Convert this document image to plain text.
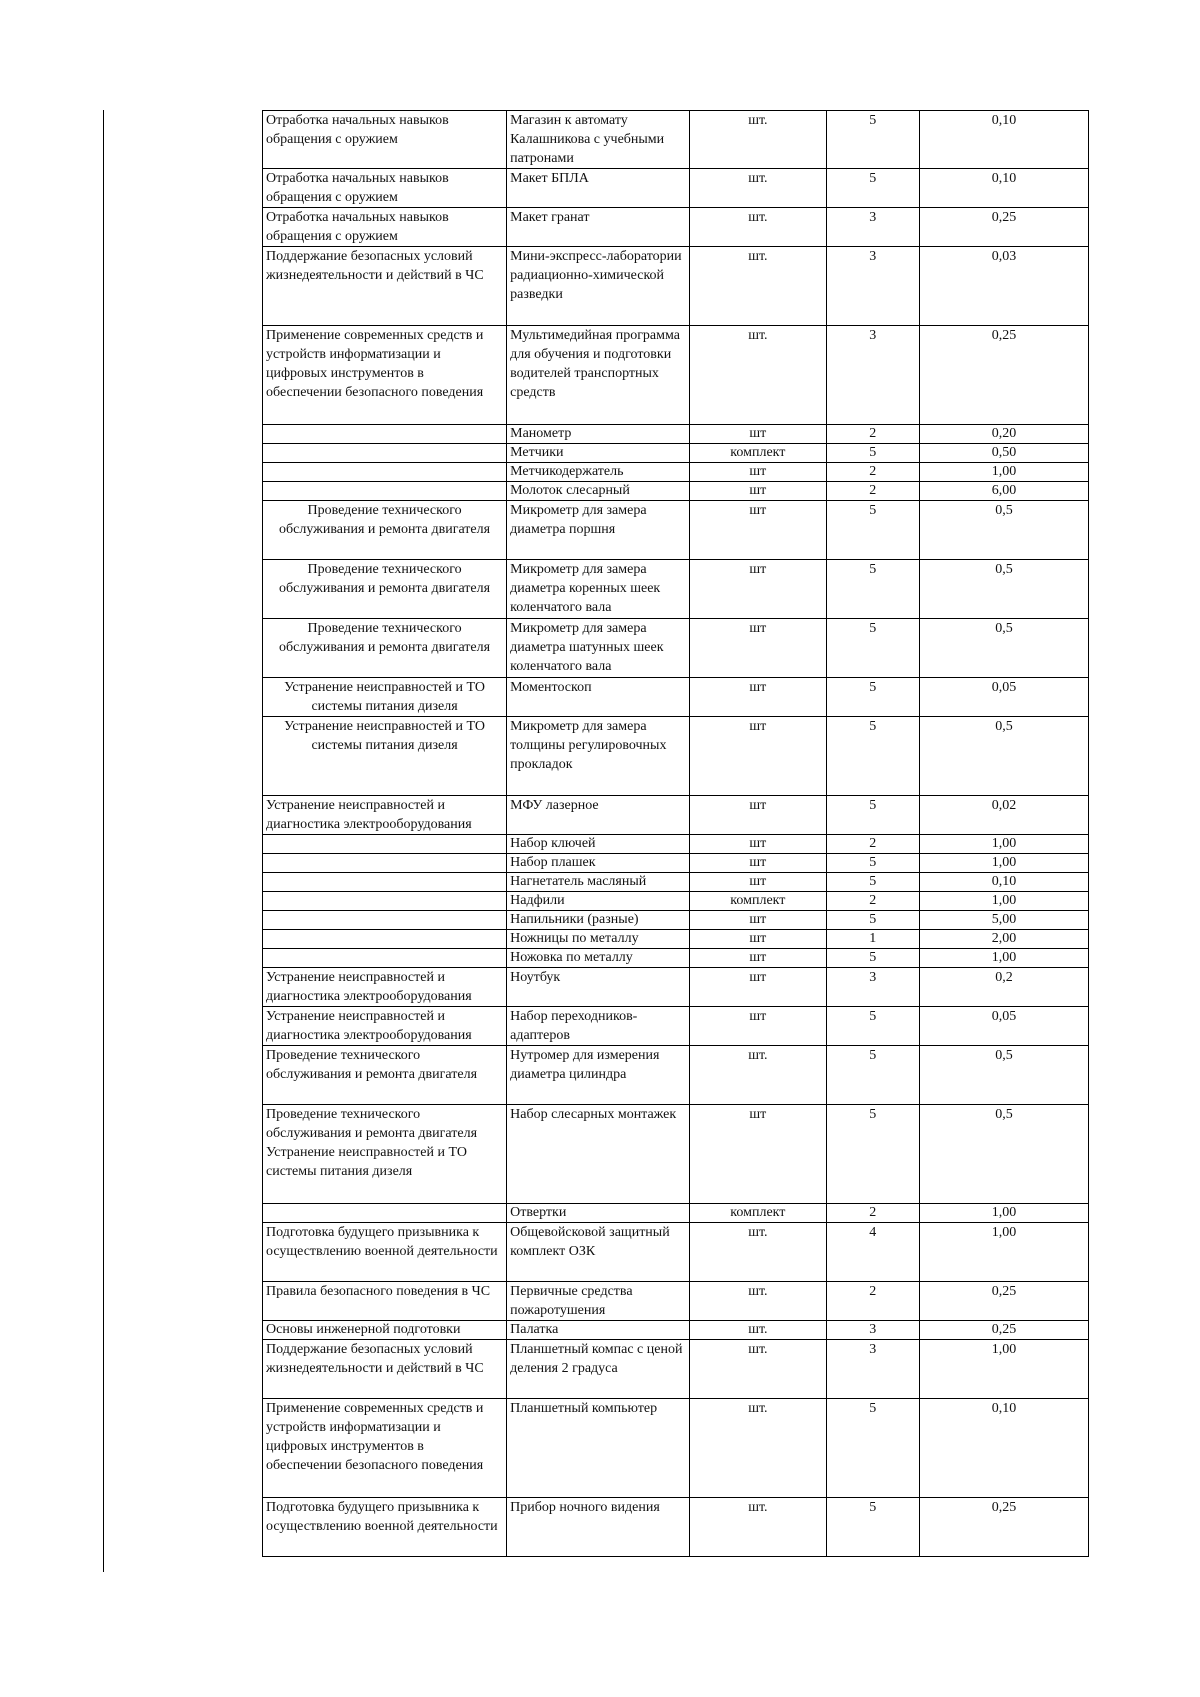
Отработка начальных навыков обращения с оружием	Магазин к автомату Калашникова с учебными патронами	шт.	5	0,10
Отработка начальных навыков обращения с оружием	Макет БПЛА	шт.	5	0,10
Отработка начальных навыков обращения с оружием	Макет гранат	шт.	3	0,25
Поддержание безопасных условий жизнедеятельности и действий в ЧС	Мини-экспресс-лаборатории радиационно-химической разведки	шт.	3	0,03
Применение современных средств и устройств информатизации и цифровых инструментов в обеспечении безопасного поведения	Мультимедийная программа для обучения и подготовки водителей транспортных средств	шт.	3	0,25
	Манометр	шт	2	0,20
	Метчики	комплект	5	0,50
	Метчикодержатель	шт	2	1,00
	Молоток слесарный	шт	2	6,00
Проведение технического обслуживания и ремонта двигателя	Микрометр для замера диаметра поршня	шт	5	0,5
Проведение технического обслуживания и ремонта двигателя	Микрометр для замера диаметра коренных шеек коленчатого вала	шт	5	0,5
Проведение технического обслуживания и ремонта двигателя	Микрометр для замера диаметра шатунных шеек коленчатого вала	шт	5	0,5
Устранение неисправностей и ТО системы питания дизеля	Моментоскоп	шт	5	0,05
Устранение неисправностей и ТО системы питания дизеля	Микрометр для замера толщины регулировочных прокладок	шт	5	0,5
Устранение неисправностей и диагностика электрооборудования	МФУ лазерное	шт	5	0,02
	Набор ключей	шт	2	1,00
	Набор плашек	шт	5	1,00
	Нагнетатель масляный	шт	5	0,10
	Надфили	комплект	2	1,00
	Напильники (разные)	шт	5	5,00
	Ножницы по металлу	шт	1	2,00
	Ножовка по металлу	шт	5	1,00
Устранение неисправностей и диагностика электрооборудования	Ноутбук	шт	3	0,2
Устранение неисправностей и диагностика электрооборудования	Набор переходников-адаптеров	шт	5	0,05
Проведение технического обслуживания и ремонта двигателя	Нутромер для измерения диаметра цилиндра	шт.	5	0,5
Проведение технического обслуживания и ремонта двигателя Устранение неисправностей и ТО системы питания дизеля	Набор слесарных монтажек	шт	5	0,5
	Отвертки	комплект	2	1,00
Подготовка будущего призывника к осуществлению военной деятельности	Общевойсковой защитный комплект ОЗК	шт.	4	1,00
Правила безопасного поведения в ЧС	Первичные средства пожаротушения	шт.	2	0,25
Основы инженерной подготовки	Палатка	шт.	3	0,25
Поддержание безопасных условий жизнедеятельности и действий в ЧС	Планшетный компас с ценой деления 2 градуса	шт.	3	1,00
Применение современных средств и устройств информатизации и цифровых инструментов в обеспечении безопасного поведения	Планшетный компьютер	шт.	5	0,10
Подготовка будущего призывника к осуществлению военной деятельности	Прибор ночного видения	шт.	5	0,25
